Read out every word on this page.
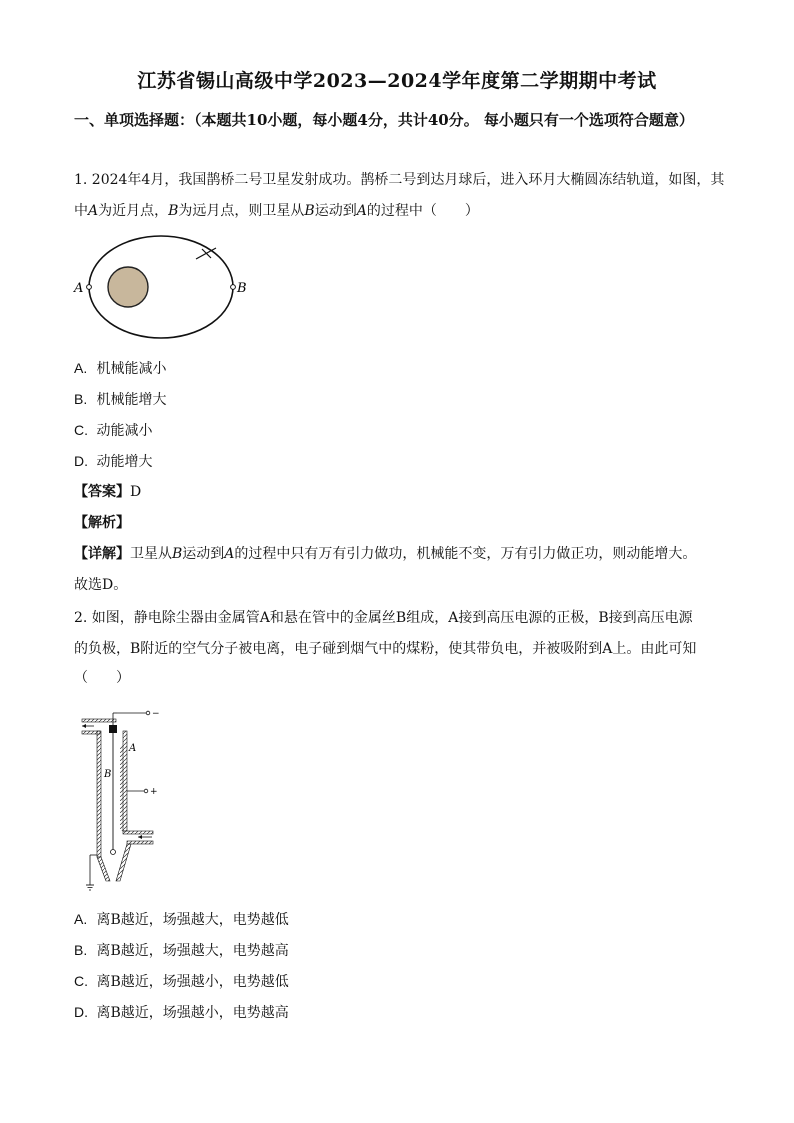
江苏省锡山高级中学2023—2024学年度第二学期期中考试
一、单项选择题：（本题共10小题，每小题4分，共计40分。 每小题只有一个选项符合题意）
1. 2024年4月，我国鹊桥二号卫星发射成功。鹊桥二号到达月球后，进入环月大椭圆冻结轨道，如图，其
中A为近月点，B为远月点，则卫星从B运动到A的过程中（　　）
A	B
A. 机械能减小
B. 机械能增大
C. 动能减小
D. 动能增大
【答案】D
【解析】
【详解】卫星从B运动到A的过程中只有万有引力做功，机械能不变，万有引力做正功，则动能增大。
故选D。
2. 如图，静电除尘器由金属管A和悬在管中的金属丝B组成，A接到高压电源的正极，B接到高压电源
的负极，B附近的空气分子被电离，电子碰到烟气中的煤粉，使其带负电，并被吸附到A上。由此可知
（　　）
−
A
B
+
A. 离B越近，场强越大，电势越低
B. 离B越近，场强越大，电势越高
C. 离B越近，场强越小，电势越低
D. 离B越近，场强越小，电势越高
